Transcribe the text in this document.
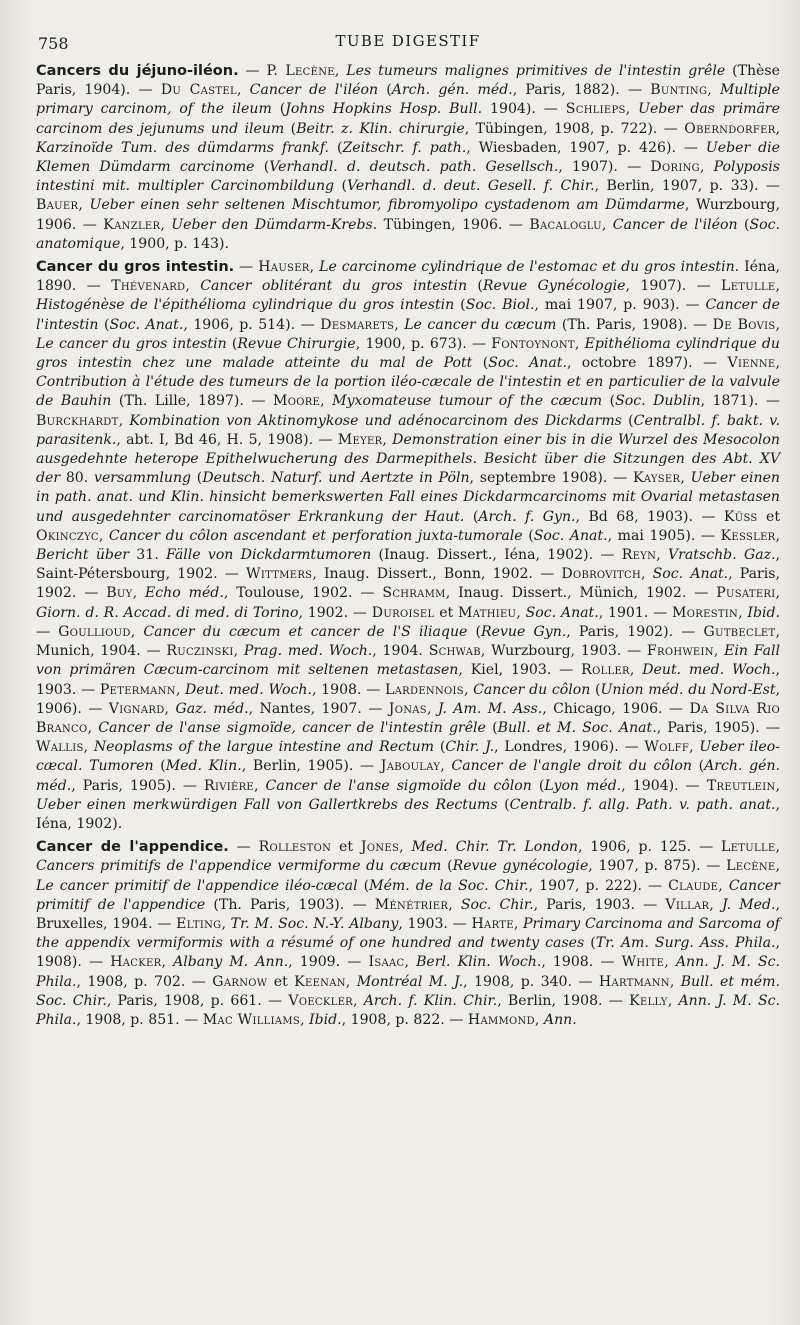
758	TUBE DIGESTIF

Cancers du jéjuno-iléon. — P. Lecène, Les tumeurs malignes primitives de l'intestin grêle (Thèse Paris, 1904). — Du Castel, Cancer de l'iléon (Arch. gén. méd., Paris, 1882). — Bunting, Multiple primary carcinom, of the ileum (Johns Hopkins Hosp. Bull. 1904). — Schlieps, Ueber das primäre carcinom des jejunums und ileum (Beitr. z. Klin. chirurgie, Tübingen, 1908, p. 722). — Oberndorfer, Karzinoïde Tum. des dümdarms frankf. (Zeitschr. f. path., Wiesbaden, 1907, p. 426). — Ueber die Klemen Dümdarm carcinome (Verhandl. d. deutsch. path. Gesellsch., 1907). — Doring, Polyposis intestini mit. multipler Carcinombildung (Verhandl. d. deut. Gesell. f. Chir., Berlin, 1907, p. 33). — Bauer, Ueber einen sehr seltenen Mischtumor, fibromyolipo cystadenom am Dümdarme, Wurzbourg, 1906. — Kanzler, Ueber den Dümdarm-Krebs. Tübingen, 1906. — Bacaloglu, Cancer de l'iléon (Soc. anatomique, 1900, p. 143).

Cancer du gros intestin. — Hauser, Le carcinome cylindrique de l'estomac et du gros intestin. Iéna, 1890. — Thévenard, Cancer oblitérant du gros intestin (Revue Gynécologie, 1907). — Letulle, Histogénèse de l'épithélioma cylindrique du gros intestin (Soc. Biol., mai 1907, p. 903). — Cancer de l'intestin (Soc. Anat., 1906, p. 514). — Desmarets, Le cancer du cæcum (Th. Paris, 1908). — De Bovis, Le cancer du gros intestin (Revue Chirurgie, 1900, p. 673). — Fontoynont, Epithélioma cylindrique du gros intestin chez une malade atteinte du mal de Pott (Soc. Anat., octobre 1897). — Vienne, Contribution à l'étude des tumeurs de la portion iléo-cæcale de l'intestin et en particulier de la valvule de Bauhin (Th. Lille, 1897). — Moore, Myxomateuse tumour of the cæcum (Soc. Dublin, 1871). — Burckhardt, Kombination von Aktinomykose und adénocarcinom des Dickdarms (Centralbl. f. bakt. v. parasitenk., abt. I, Bd 46, H. 5, 1908). — Meyer, Demonstration einer bis in die Wurzel des Mesocolon ausgedehnte heterope Epithelwucherung des Darmepithels. Besicht über die Sitzungen des Abt. XV der 80. versammlung (Deutsch. Naturf. und Aertzte in Pöln, septembre 1908). — Kayser, Ueber einen in path. anat. und Klin. hinsicht bemerkswerten Fall eines Dickdarmcarcinoms mit Ovarial metastasen und ausgedehnter carcinomatöser Erkrankung der Haut. (Arch. f. Gyn., Bd 68, 1903). — Küss et Okinczyc, Cancer du côlon ascendant et perforation juxta-tumorale (Soc. Anat., mai 1905). — Kessler, Bericht über 31. Fälle von Dickdarmtumoren (Inaug. Dissert., Iéna, 1902). — Reyn, Vratschb. Gaz., Saint-Pétersbourg, 1902. — Wittmers, Inaug. Dissert., Bonn, 1902. — Dobrovitch, Soc. Anat., Paris, 1902. — Buy, Echo méd., Toulouse, 1902. — Schramm, Inaug. Dissert., Münich, 1902. — Pusateri, Giorn. d. R. Accad. di med. di Torino, 1902. — Duroisel et Mathieu, Soc. Anat., 1901. — Morestin, Ibid. — Goullioud, Cancer du cæcum et cancer de l'S iliaque (Revue Gyn., Paris, 1902). — Gutbeclet, Munich, 1904. — Ruczinski, Prag. med. Woch., 1904. Schwab, Wurzbourg, 1903. — Frohwein, Ein Fall von primären Cæcum-carcinom mit seltenen metastasen, Kiel, 1903. — Roller, Deut. med. Woch., 1903. — Petermann, Deut. med. Woch., 1908. — Lardennois, Cancer du côlon (Union méd. du Nord-Est, 1906). — Vignard, Gaz. méd., Nantes, 1907. — Jonas, J. Am. M. Ass., Chicago, 1906. — Da Silva Rio Branco, Cancer de l'anse sigmoïde, cancer de l'intestin grêle (Bull. et M. Soc. Anat., Paris, 1905). — Wallis, Neoplasms of the largue intestine and Rectum (Chir. J., Londres, 1906). — Wolff, Ueber ileo-cæcal. Tumoren (Med. Klin., Berlin, 1905). — Jaboulay, Cancer de l'angle droit du côlon (Arch. gén. méd., Paris, 1905). — Rivière, Cancer de l'anse sigmoïde du côlon (Lyon méd., 1904). — Treutlein, Ueber einen merkwürdigen Fall von Gallertkrebs des Rectums (Centralb. f. allg. Path. v. path. anat., Iéna, 1902).

Cancer de l'appendice. — Rolleston et Jones, Med. Chir. Tr. London, 1906, p. 125. — Letulle, Cancers primitifs de l'appendice vermiforme du cæcum (Revue gynécologie, 1907, p. 875). — Lecène, Le cancer primitif de l'appendice iléo-cæcal (Mém. de la Soc. Chir., 1907, p. 222). — Claude, Cancer primitif de l'appendice (Th. Paris, 1903). — Ménétrier, Soc. Chir., Paris, 1903. — Villar, J. Med., Bruxelles, 1904. — Elting, Tr. M. Soc. N.-Y. Albany, 1903. — Harte, Primary Carcinoma and Sarcoma of the appendix vermiformis with a résumé of one hundred and twenty cases (Tr. Am. Surg. Ass. Phila., 1908). — Hacker, Albany M. Ann., 1909. — Isaac, Berl. Klin. Woch., 1908. — White, Ann. J. M. Sc. Phila., 1908, p. 702. — Garnow et Keenan, Montréal M. J., 1908, p. 340. — Hartmann, Bull. et mém. Soc. Chir., Paris, 1908, p. 661. — Voeckler, Arch. f. Klin. Chir., Berlin, 1908. — Kelly, Ann. J. M. Sc. Phila., 1908, p. 851. — Mac Williams, Ibid., 1908, p. 822. — Hammond, Ann.
